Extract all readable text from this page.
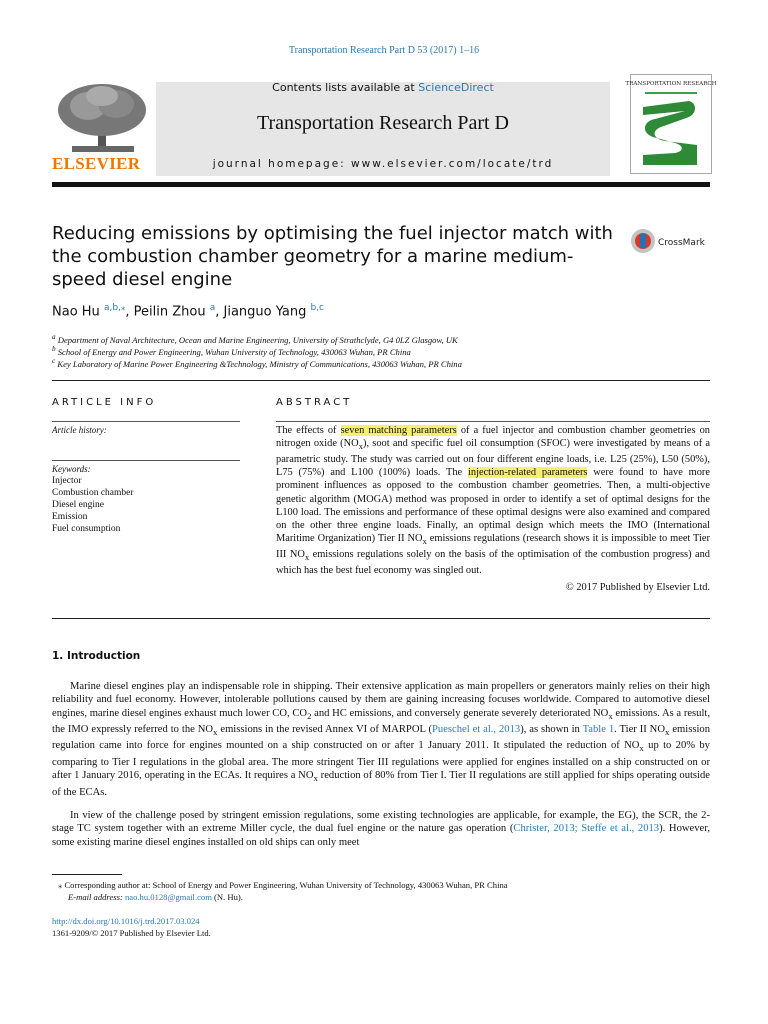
Transportation Research Part D 53 (2017) 1–16
ELSEVIER
Contents lists available at ScienceDirect
Transportation Research Part D
journal homepage: www.elsevier.com/locate/trd
TRANSPORTATION RESEARCH
Reducing emissions by optimising the fuel injector match with the combustion chamber geometry for a marine medium-speed diesel engine
CrossMark
Nao Hu $^{a,b,⁎}$, Peilin Zhou $^a$, Jianguo Yang $^{b,c}$
$^a$ Department of Naval Architecture, Ocean and Marine Engineering, University of Strathclyde, G4 0LZ Glasgow, UK
$^b$ School of Energy and Power Engineering, Wuhan University of Technology, 430063 Wuhan, PR China
$^c$ Key Laboratory of Marine Power Engineering &Technology, Ministry of Communications, 430063 Wuhan, PR China
ARTICLE INFO
Article history:
Keywords:
Injector
Combustion chamber
Diesel engine
Emission
Fuel consumption
ABSTRACT
The effects of seven matching parameters of a fuel injector and combustion chamber geometries on nitrogen oxide $(NO_x)$, soot and specific fuel oil consumption (SFOC) were investigated by means of a parametric study. The study was carried out on four different engine loads, i.e. L25 (25%), L50 (50%), L75 (75%) and L100 (100%) loads. The injection-related parameters were found to have more prominent influences as opposed to the combustion chamber geometries. Then, a multi-objective genetic algorithm (MOGA) method was proposed in order to identify a set of optimal designs for the L100 load. The emissions and performance of these optimal designs were also examined and compared on the other three engine loads. Finally, an optimal design which meets the IMO (International Maritime Organization) Tier II $NO_x$ emissions regulations (research shows it is impossible to meet Tier III $NO_x$ emissions regulations solely on the basis of the optimisation of the combustion progress) and which has the best fuel economy was singled out.
© 2017 Published by Elsevier Ltd.
1. Introduction
Marine diesel engines play an indispensable role in shipping. Their extensive application as main propellers or generators mainly relies on their high reliability and fuel economy. However, intolerable pollutions caused by them are gaining increasing focuses worldwide. Compared to automotive diesel engines, marine diesel engines exhaust much lower CO, $CO_2$ and HC emissions, and conversely generate severely deteriorated $NO_x$ emissions. As a result, the IMO expressly referred to the $NO_x$ emissions in the revised Annex VI of MARPOL (Pueschel et al., 2013), as shown in Table 1. Tier II $NO_x$ emission regulation came into force for engines mounted on a ship constructed on or after 1 January 2011. It stipulated the reduction of $NO_x$ up to 20% by comparing to Tier I regulations in the global area. The more stringent Tier III regulations were applied for engines installed on a ship constructed on or after 1 January 2016, operating in the ECAs. It requires a $NO_x$ reduction of 80% from Tier I. Tier II regulations are still applied for ships operating outside of the ECAs.
In view of the challenge posed by stringent emission regulations, some existing technologies are applicable, for example, the EG), the SCR, the 2-stage TC system together with an extreme Miller cycle, the dual fuel engine or the nature gas operation (Christer, 2013; Steffe et al., 2013). However, some existing marine diesel engines installed on old ships can only meet
⁎ Corresponding author at: School of Energy and Power Engineering, Wuhan University of Technology, 430063 Wuhan, PR China
E-mail address: nao.hu.0128@gmail.com (N. Hu).
http://dx.doi.org/10.1016/j.trd.2017.03.024
1361-9209/© 2017 Published by Elsevier Ltd.
